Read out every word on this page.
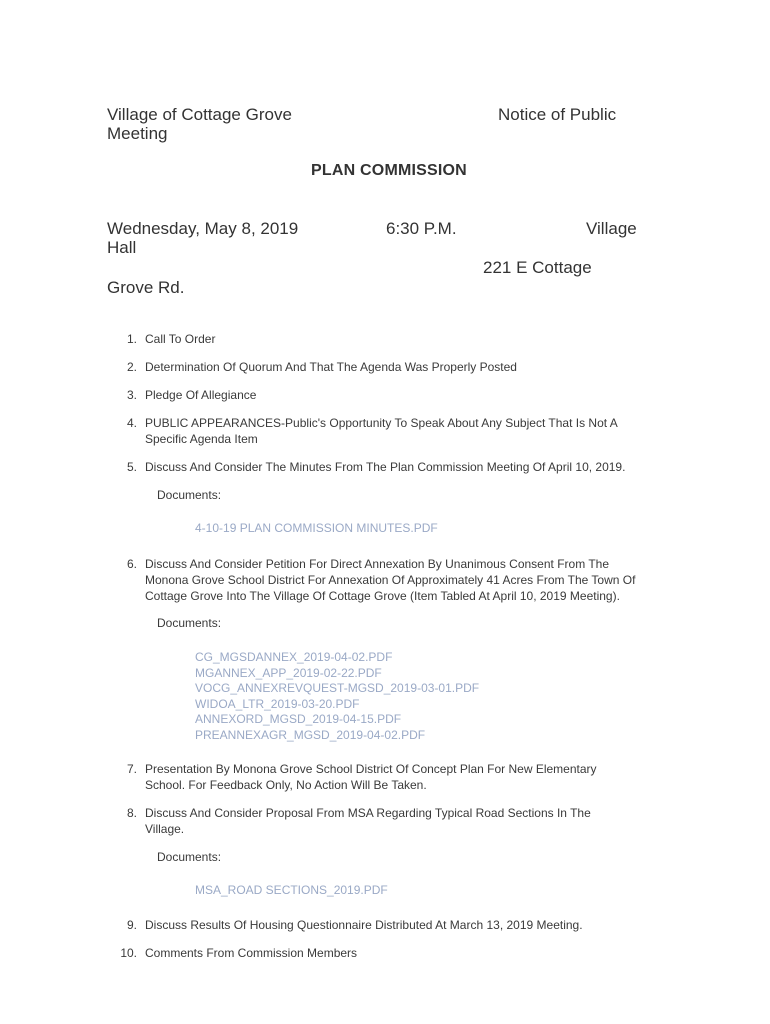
Village of Cottage Grove	Notice of Public
Meeting
PLAN COMMISSION
Wednesday, May 8, 2019	6:30 P.M.	Village
Hall
221 E Cottage
Grove Rd.
1. Call To Order
2. Determination Of Quorum And That The Agenda Was Properly Posted
3. Pledge Of Allegiance
4. PUBLIC APPEARANCES-Public's Opportunity To Speak About Any Subject That Is Not A Specific Agenda Item
5. Discuss And Consider The Minutes From The Plan Commission Meeting Of April 10, 2019.
Documents:
4-10-19 PLAN COMMISSION MINUTES.PDF
6. Discuss And Consider Petition For Direct Annexation By Unanimous Consent From The Monona Grove School District For Annexation Of Approximately 41 Acres From The Town Of Cottage Grove Into The Village Of Cottage Grove (Item Tabled At April 10, 2019 Meeting).
Documents:
CG_MGSDANNEX_2019-04-02.PDF
MGANNEX_APP_2019-02-22.PDF
VOCG_ANNEXREVQUEST-MGSD_2019-03-01.PDF
WIDOA_LTR_2019-03-20.PDF
ANNEXORD_MGSD_2019-04-15.PDF
PREANNEXAGR_MGSD_2019-04-02.PDF
7. Presentation By Monona Grove School District Of Concept Plan For New Elementary School. For Feedback Only, No Action Will Be Taken.
8. Discuss And Consider Proposal From MSA Regarding Typical Road Sections In The Village.
Documents:
MSA_ROAD SECTIONS_2019.PDF
9. Discuss Results Of Housing Questionnaire Distributed At March 13, 2019 Meeting.
10. Comments From Commission Members
